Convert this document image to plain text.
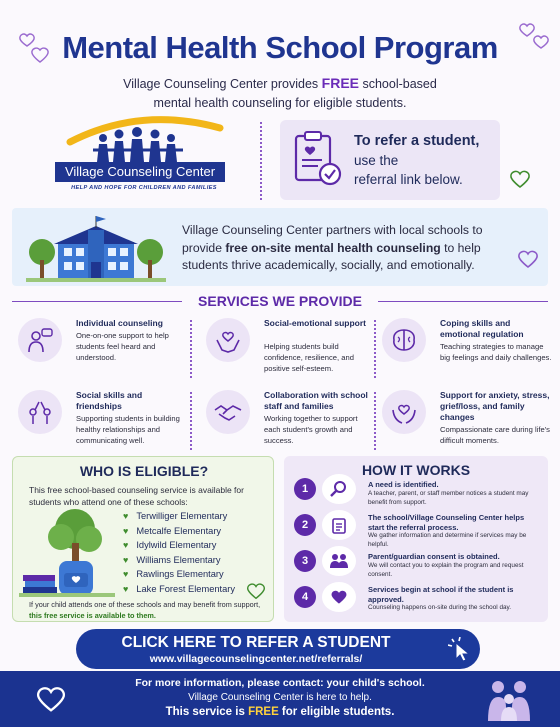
Mental Health School Program
Village Counseling Center provides FREE school-based
mental health counseling for eligible students.
Village Counseling Center
HELP AND HOPE FOR CHILDREN AND FAMILIES
To refer a student,
use the
referral link below.
Village Counseling Center partners with local schools to provide free on-site mental health counseling to help students thrive academically, socially, and emotionally.
SERVICES WE PROVIDE
Individual counseling
One-on-one support to help students feel heard and understood.
Social-emotional support
Helping students build confidence, resilience, and positive self-esteem.
Coping skills and emotional regulation
Teaching strategies to manage big feelings and daily challenges.
Social skills and friendships
Supporting students in building healthy relationships and communicating well.
Collaboration with school staff and families
Working together to support each student's growth and success.
Support for anxiety, stress, grief/loss, and family changes
Compassionate care during life's difficult moments.
WHO IS ELIGIBLE?
This free school-based counseling service is available for students who attend one of these schools:
♥ Terwilliger Elementary
♥ Metcalfe Elementary
♥ Idylwild Elementary
♥ Williams Elementary
♥ Rawlings Elementary
♥ Lake Forest Elementary
If your child attends one of these schools and may benefit from support, this free service is available to them.
HOW IT WORKS
1	A need is identified.
A teacher, parent, or staff member notices a student may benefit from support.
2
The school/Village Counseling Center helps start the referral process.
We gather information and determine if services may be helpful.
3	Parent/guardian consent is obtained.
We will contact you to explain the program and request consent.
4
Services begin at school if the student is approved.
Counseling happens on-site during the school day.
CLICK HERE TO REFER A STUDENT
www.villagecounselingcenter.net/referrals/
For more information, please contact: your child's school.
Village Counseling Center is here to help.
This service is FREE for eligible students.
